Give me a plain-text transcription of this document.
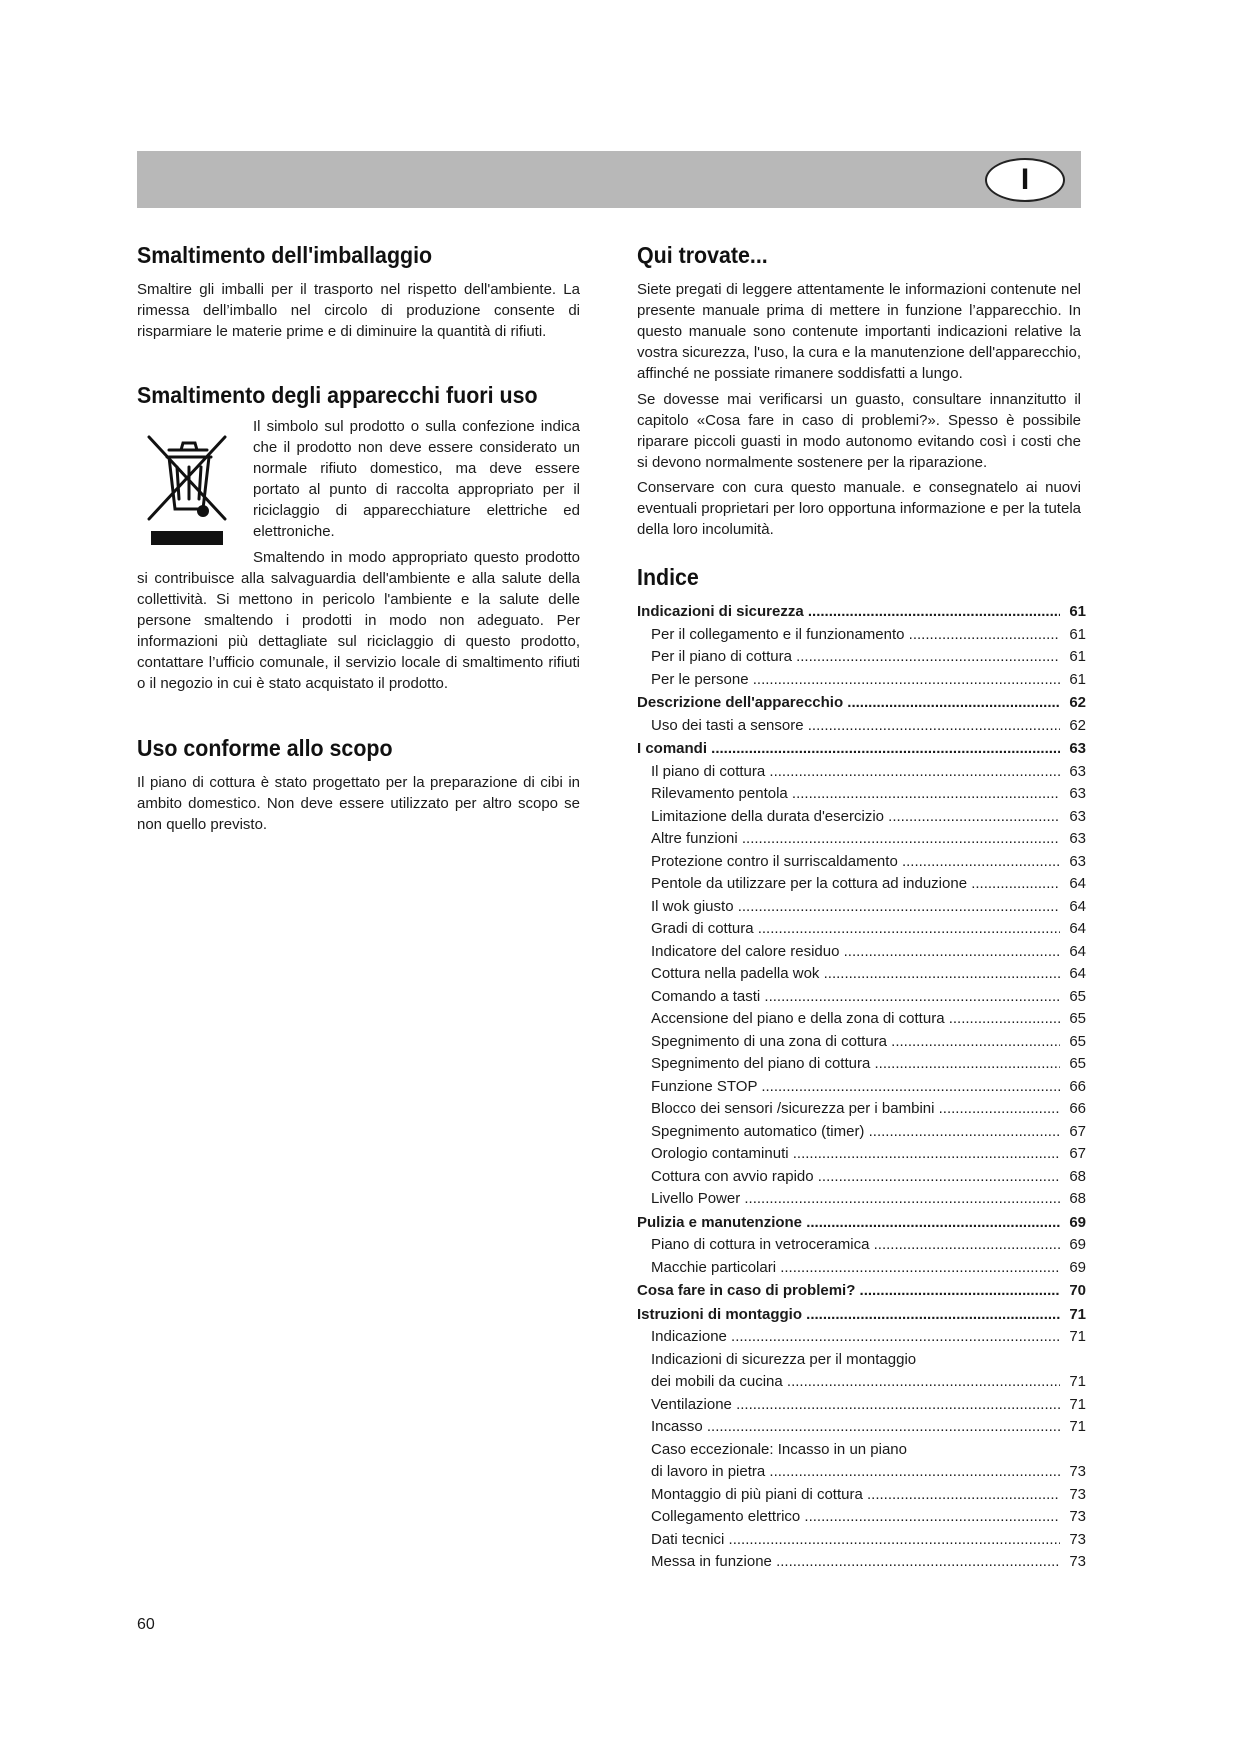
I
Smaltimento dell'imballaggio

Smaltire gli imballi per il trasporto nel rispetto dell'ambiente. La rimessa dell’imballo nel circolo di produzione consente di risparmiare le materie prime e di diminuire la quantità di rifiuti.

Smaltimento degli apparecchi fuori uso

Il simbolo sul prodotto o sulla confezione indica che il prodotto non deve essere considerato un normale rifiuto domestico, ma deve essere portato al punto di raccolta appropriato per il riciclaggio di apparecchiature elettriche ed elettroniche.

Smaltendo in modo appropriato questo prodotto si contribuisce alla salvaguardia dell'ambiente e alla salute della collettività. Si mettono in pericolo l'ambiente e la salute delle persone smaltendo i prodotti in modo non adeguato. Per informazioni più dettagliate sul riciclaggio di questo prodotto, contattare l’ufficio comunale, il servizio locale di smaltimento rifiuti o il negozio in cui è stato acquistato il prodotto.

Uso conforme allo scopo

Il piano di cottura è stato progettato per la preparazione di cibi in ambito domestico. Non deve essere utilizzato per altro scopo se non quello previsto.

Qui trovate...

Siete pregati di leggere attentamente le informazioni contenute nel presente manuale prima di mettere in funzione l’apparecchio. In questo manuale sono contenute importanti indicazioni relative la vostra sicurezza, l'uso, la cura e la manutenzione dell'apparecchio, affinché ne possiate rimanere soddisfatti a lungo.

Se dovesse mai verificarsi un guasto, consultare innanzitutto il capitolo «Cosa fare in caso di problemi?». Spesso è possibile riparare piccoli guasti in modo autonomo evitando così i costi che si devono normalmente sostenere per la riparazione.

Conservare con cura questo manuale. e consegnatelo ai nuovi eventuali proprietari per loro opportuna informazione e per la tutela della loro incolumità.

Indice
Indicazioni di sicurezza .....	61
Per il collegamento e il funzionamento .....	61
Per il piano di cottura .....	61
Per le persone .....	61
Descrizione dell'apparecchio .....	62
Uso dei tasti a sensore .....	62
I comandi .....	63
Il piano di cottura .....	63
Rilevamento pentola .....	63
Limitazione della durata d'esercizio .....	63
Altre funzioni .....	63
Protezione contro il surriscaldamento .....	63
Pentole da utilizzare per la cottura ad induzione .....	64
Il wok giusto .....	64
Gradi di cottura .....	64
Indicatore del calore residuo .....	64
Cottura nella padella wok .....	64
Comando a tasti .....	65
Accensione del piano e della zona di cottura .....	65
Spegnimento di una zona di cottura .....	65
Spegnimento del piano di cottura .....	65
Funzione STOP .....	66
Blocco dei sensori /sicurezza per i bambini .....	66
Spegnimento automatico (timer) .....	67
Orologio contaminuti .....	67
Cottura con avvio rapido .....	68
Livello Power .....	68
Pulizia e manutenzione .....	69
Piano di cottura in vetroceramica .....	69
Macchie particolari .....	69
Cosa fare in caso di problemi? .....	70
Istruzioni di montaggio .....	71
Indicazione .....	71
Indicazioni di sicurezza per il montaggio
dei mobili da cucina .....	71
Ventilazione .....	71
Incasso .....	71
Caso eccezionale: Incasso in un piano
di lavoro in pietra .....	73
Montaggio di più piani di cottura .....	73
Collegamento elettrico .....	73
Dati tecnici .....	73
Messa in funzione .....	73
60
